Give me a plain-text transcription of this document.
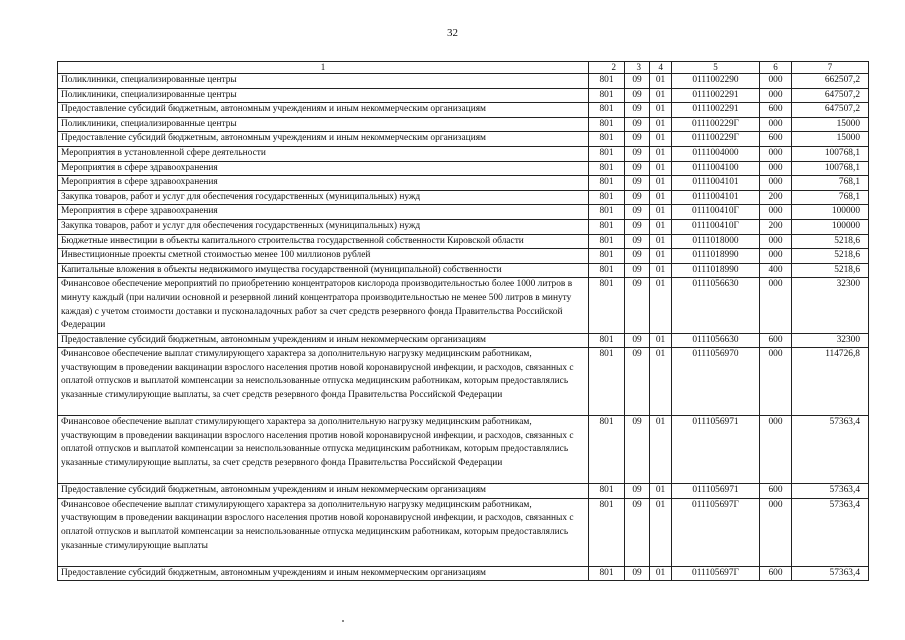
32
1	2	3	4	5	6	7
Поликлиники, специализированные центры	801	09	01	0111002290	000	662507,2
Поликлиники, специализированные центры	801	09	01	0111002291	000	647507,2
Предоставление субсидий бюджетным, автономным учреждениям и иным некоммерческим организациям	801	09	01	0111002291	600	647507,2
Поликлиники, специализированные центры	801	09	01	011100229Г	000	15000
Предоставление субсидий бюджетным, автономным учреждениям и иным некоммерческим организациям	801	09	01	011100229Г	600	15000
Мероприятия в установленной сфере деятельности	801	09	01	0111004000	000	100768,1
Мероприятия в сфере здравоохранения	801	09	01	0111004100	000	100768,1
Мероприятия в сфере здравоохранения	801	09	01	0111004101	000	768,1
Закупка товаров, работ и услуг для обеспечения государственных (муниципальных) нужд	801	09	01	0111004101	200	768,1
Мероприятия в сфере здравоохранения	801	09	01	011100410Г	000	100000
Закупка товаров, работ и услуг для обеспечения государственных (муниципальных) нужд	801	09	01	011100410Г	200	100000
Бюджетные инвестиции в объекты капитального строительства государственной собственности Кировской области	801	09	01	0111018000	000	5218,6
Инвестиционные проекты сметной стоимостью менее 100 миллионов рублей	801	09	01	0111018990	000	5218,6
Капитальные вложения в объекты недвижимого имущества государственной (муниципальной) собственности	801	09	01	0111018990	400	5218,6
Финансовое обеспечение мероприятий по приобретению концентраторов кислорода производительностью более 1000 литров в минуту каждый (при наличии основной и резервной линий концентратора производительностью не менее 500 литров в минуту каждая) с учетом стоимости доставки и пусконаладочных работ за счет средств резервного фонда Правительства Российской Федерации	801	09	01	0111056630	000	32300
Предоставление субсидий бюджетным, автономным учреждениям и иным некоммерческим организациям	801	09	01	0111056630	600	32300
Финансовое обеспечение выплат стимулирующего характера за дополнительную нагрузку медицинским работникам, участвующим в проведении вакцинации взрослого населения против новой коронавирусной инфекции, и расходов, связанных с оплатой отпусков и выплатой компенсации за неиспользованные отпуска медицинским работникам, которым предоставлялись указанные стимулирующие выплаты, за счет средств резервного фонда Правительства Российской Федерации	801	09	01	0111056970	000	114726,8
Финансовое обеспечение выплат стимулирующего характера за дополнительную нагрузку медицинским работникам, участвующим в проведении вакцинации взрослого населения против новой коронавирусной инфекции, и расходов, связанных с оплатой отпусков и выплатой компенсации за неиспользованные отпуска медицинским работникам, которым предоставлялись указанные стимулирующие выплаты, за счет средств резервного фонда Правительства Российской Федерации	801	09	01	0111056971	000	57363,4
Предоставление субсидий бюджетным, автономным учреждениям и иным некоммерческим организациям	801	09	01	0111056971	600	57363,4
Финансовое обеспечение выплат стимулирующего характера за дополнительную нагрузку медицинским работникам, участвующим в проведении вакцинации взрослого населения против новой коронавирусной инфекции, и расходов, связанных с оплатой отпусков и выплатой компенсации за неиспользованные отпуска медицинским работникам, которым предоставлялись указанные стимулирующие выплаты	801	09	01	011105697Г	000	57363,4
Предоставление субсидий бюджетным, автономным учреждениям и иным некоммерческим организациям	801	09	01	011105697Г	600	57363,4
